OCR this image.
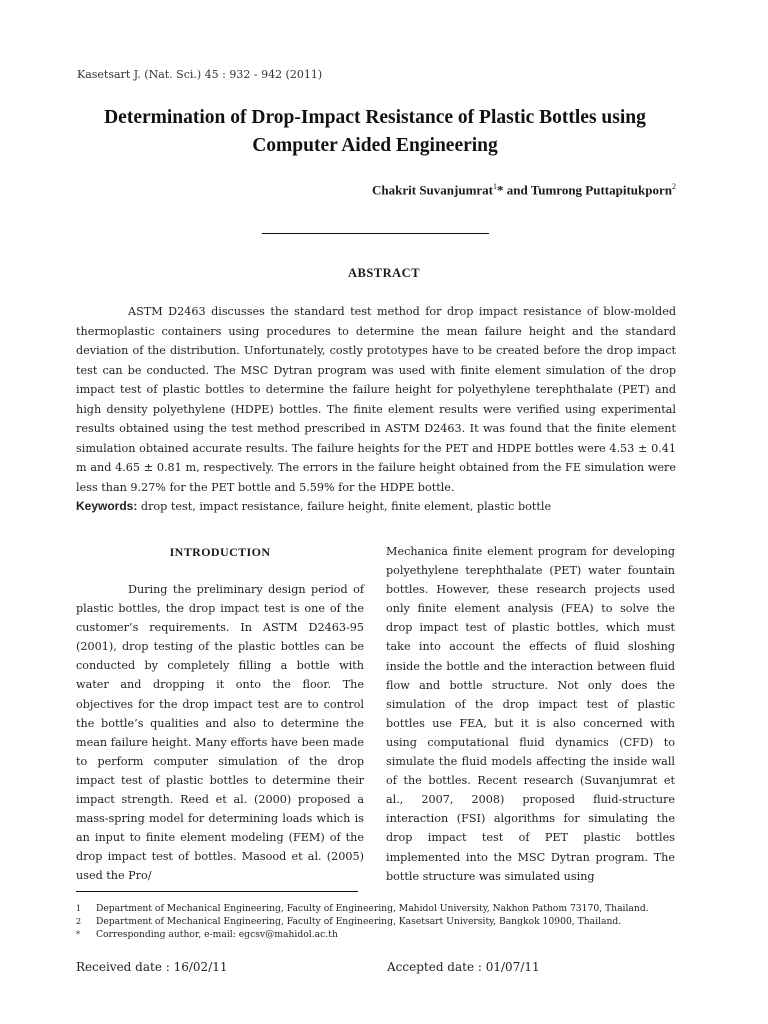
Kasetsart J. (Nat. Sci.) 45 : 932 - 942 (2011)
Determination of Drop-Impact Resistance of Plastic Bottles using Computer Aided Engineering
Chakrit Suvanjumrat$^1$* and Tumrong Puttapitukporn$^2$
ABSTRACT

ASTM D2463 discusses the standard test method for drop impact resistance of blow-molded thermoplastic containers using procedures to determine the mean failure height and the standard deviation of the distribution. Unfortunately, costly prototypes have to be created before the drop impact test can be conducted. The MSC Dytran program was used with finite element simulation of the drop impact test of plastic bottles to determine the failure height for polyethylene terephthalate (PET) and high density polyethylene (HDPE) bottles. The finite element results were verified using experimental results obtained using the test method prescribed in ASTM D2463. It was found that the finite element simulation obtained accurate results. The failure heights for the PET and HDPE bottles were 4.53 ± 0.41 m and 4.65 ± 0.81 m, respectively. The errors in the failure height obtained from the FE simulation were less than 9.27% for the PET bottle and 5.59% for the HDPE bottle.

Keywords: drop test, impact resistance, failure height, finite element, plastic bottle
INTRODUCTION

During the preliminary design period of plastic bottles, the drop impact test is one of the customer’s requirements. In ASTM D2463-95 (2001), drop testing of the plastic bottles can be conducted by completely filling a bottle with water and dropping it onto the floor. The objectives for the drop impact test are to control the bottle’s qualities and also to determine the mean failure height. Many efforts have been made to perform computer simulation of the drop impact test of plastic bottles to determine their impact strength. Reed et al. (2000) proposed a mass-spring model for determining loads which is an input to finite element modeling (FEM) of the drop impact test of bottles. Masood et al. (2005) used the Pro/

Mechanica finite element program for developing polyethylene terephthalate (PET) water fountain bottles. However, these research projects used only finite element analysis (FEA) to solve the drop impact test of plastic bottles, which must take into account the effects of fluid sloshing inside the bottle and the interaction between fluid flow and bottle structure. Not only does the simulation of the drop impact test of plastic bottles use FEA, but it is also concerned with using computational fluid dynamics (CFD) to simulate the fluid models affecting the inside wall of the bottles. Recent research (Suvanjumrat et al., 2007, 2008) proposed fluid-structure interaction (FSI) algorithms for simulating the drop impact test of PET plastic bottles implemented into the MSC Dytran program. The bottle structure was simulated using

1	Department of Mechanical Engineering, Faculty of Engineering, Mahidol University, Nakhon Pathom 73170, Thailand.
2	Department of Mechanical Engineering, Faculty of Engineering, Kasetsart University, Bangkok 10900, Thailand.
*	Corresponding author, e-mail: egcsv@mahidol.ac.th
Received date : 16/02/11	Accepted date : 01/07/11
